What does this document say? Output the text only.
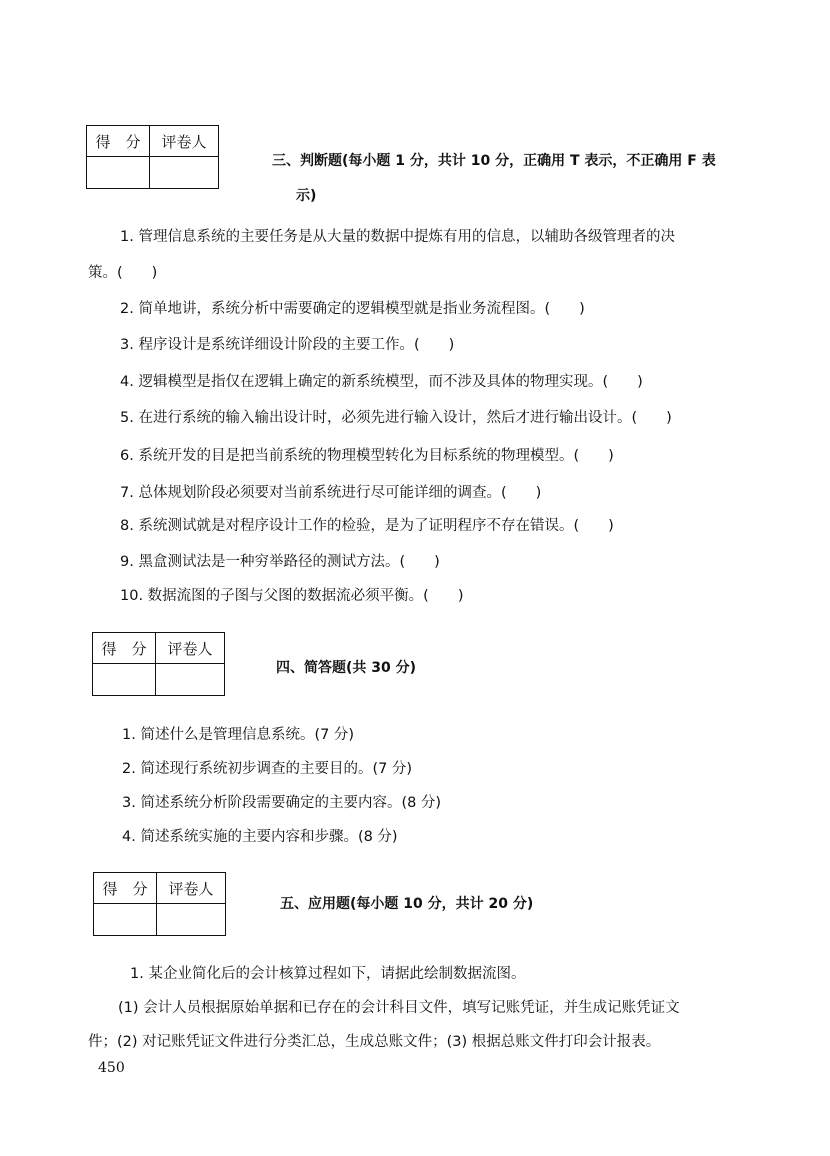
得　分	评卷人

三、判断题(每小题 1 分，共计 10 分，正确用 T 表示，不正确用 F 表
示)
1. 管理信息系统的主要任务是从大量的数据中提炼有用的信息，以辅助各级管理者的决
策。(　　)
2. 简单地讲，系统分析中需要确定的逻辑模型就是指业务流程图。(　　)
3. 程序设计是系统详细设计阶段的主要工作。(　　)
4. 逻辑模型是指仅在逻辑上确定的新系统模型，而不涉及具体的物理实现。(　　)
5. 在进行系统的输入输出设计时，必须先进行输入设计，然后才进行输出设计。(　　)
6. 系统开发的目是把当前系统的物理模型转化为目标系统的物理模型。(　　)
7. 总体规划阶段必须要对当前系统进行尽可能详细的调查。(　　)
8. 系统测试就是对程序设计工作的检验，是为了证明程序不存在错误。(　　)
9. 黑盒测试法是一种穷举路径的测试方法。(　　)
10. 数据流图的子图与父图的数据流必须平衡。(　　)
得　分	评卷人

四、简答题(共 30 分)
1. 简述什么是管理信息系统。(7 分)
2. 简述现行系统初步调查的主要目的。(7 分)
3. 简述系统分析阶段需要确定的主要内容。(8 分)
4. 简述系统实施的主要内容和步骤。(8 分)
得　分	评卷人

五、应用题(每小题 10 分，共计 20 分)
1. 某企业简化后的会计核算过程如下，请据此绘制数据流图。
(1) 会计人员根据原始单据和已存在的会计科目文件，填写记账凭证，并生成记账凭证文
件；(2) 对记账凭证文件进行分类汇总，生成总账文件；(3) 根据总账文件打印会计报表。
450
